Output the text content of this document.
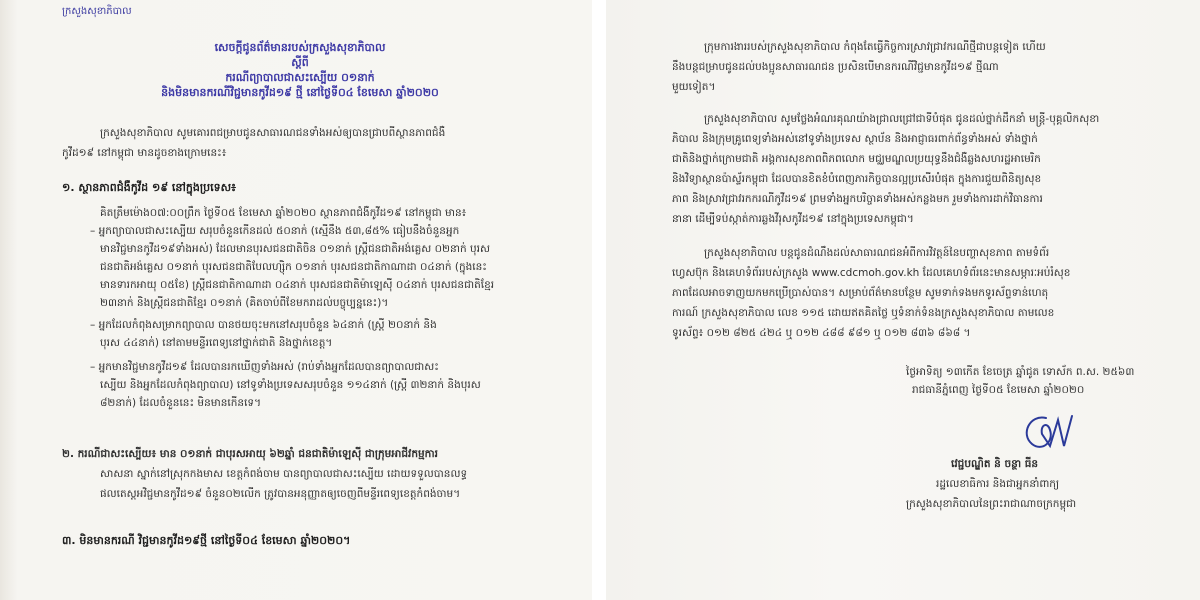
ក្រសួងសុខាភិបាល
សេចក្តីជូនព័ត៌មានរបស់ក្រសួងសុខាភិបាល
ស្តីពី
ករណីព្យាបាលជាសះស្បើយ ០១នាក់
និងមិនមានករណីវិជ្ជមានកូវីដ១៩ ថ្មី នៅថ្ងៃទី០៤ ខែមេសា ឆ្នាំ២០២០
ក្រសួងសុខាភិបាល សូមគោរពជម្រាបជូនសាធារណជនទាំងអស់ឲ្យបានជ្រាបពីស្ថានភាពជំងឺ
កូវីដ១៩ នៅកម្ពុជា មានដូចខាងក្រោមនេះ៖
១. ស្ថានភាពជំងឺកូវីដ ១៩ នៅក្នុងប្រទេស៖
គិតត្រឹមម៉ោង០៧:០០ព្រឹក ថ្ងៃទី០៥ ខែមេសា ឆ្នាំ២០២០ ស្ថានភាពជំងឺកូវីដ១៩ នៅកម្ពុជា មាន៖
– អ្នកព្យាបាលជាសះស្បើយ សរុបចំនួនកើនដល់ ៥០នាក់ (ស្មើនឹង ៥៣,៨៥% ធៀបនឹងចំនួនអ្នក
មានវិជ្ជមានកូវីដ១៩ទាំងអស់) ដែលមានបុរសជនជាតិចិន ០១នាក់ ស្ត្រីជនជាតិអង់គ្លេស ០២នាក់ បុរស
ជនជាតិអង់គ្លេស ០១នាក់ បុរសជនជាតិបែលហ្ស៊ិក ០១នាក់ បុរសជនជាតិកាណាដា ០៤នាក់ (ក្នុងនេះ
មានទារកអាយុ ០៥ខែ) ស្ត្រីជនជាតិកាណាដា ០៤នាក់ បុរសជនជាតិម៉ាឡេស៊ី ០៤នាក់ បុរសជនជាតិខ្មែរ
២៣នាក់ និងស្ត្រីជនជាតិខ្មែរ ០១នាក់ (គិតចាប់ពីខែមករាដល់បច្ចុប្បន្ននេះ)។
– អ្នកដែលកំពុងសម្រាកព្យាបាល បានថយចុះមកនៅសរុបចំនួន ៦៤នាក់ (ស្ត្រី ២០នាក់ និង
បុរស ៤៤នាក់) នៅតាមមន្ទីរពេទ្យនៅថ្នាក់ជាតិ និងថ្នាក់ខេត្ត។
– អ្នកមានវិជ្ជមានកូវីដ១៩ ដែលបានរកឃើញទាំងអស់ (រាប់ទាំងអ្នកដែលបានព្យាបាលជាសះ
ស្បើយ និងអ្នកដែលកំពុងព្យាបាល) នៅទូទាំងប្រទេសសរុបចំនួន ១១៤នាក់ (ស្ត្រី ៣២នាក់ និងបុរស
៨២នាក់) ដែលចំនួននេះ មិនមានកើនទេ។
២. ករណីជាសះស្បើយ៖ មាន ០១នាក់ ជាបុរសអាយុ ៦២ឆ្នាំ ជនជាតិម៉ាឡេស៊ី ជាក្រុមអាជីវកម្មការ
សាសនា ស្នាក់នៅស្រុកកងមាស ខេត្តកំពង់ចាម បានព្យាបាលជាសះស្បើយ ដោយទទួលបានលទ្ធ
ផលតេស្តអវិជ្ជមានកូវីដ១៩ ចំនួន០២លើក ត្រូវបានអនុញ្ញាតឲ្យចេញពីមន្ទីរពេទ្យខេត្តកំពង់ចាម។
៣. មិនមានករណី វិជ្ជមានកូវីដ១៩ថ្មី នៅថ្ងៃទី០៤ ខែមេសា ឆ្នាំ២០២០។
ក្រុមការងាររបស់ក្រសួងសុខាភិបាល កំពុងតែធ្វើកិច្ចការស្រាវជ្រាវករណីថ្មីជាបន្តទៀត ហើយ
នឹងបន្តជម្រាបជូនដល់បងប្អូនសាធារណជន ប្រសិនបើមានករណីវិជ្ជមានកូវីដ១៩ ថ្មីណា
មួយទៀត។
ក្រសួងសុខាភិបាល សូមថ្លែងអំណរគុណយ៉ាងជ្រាលជ្រៅជាទីបំផុត ជូនដល់ថ្នាក់ដឹកនាំ មន្ត្រី-បុគ្គលិកសុខា
ភិបាល និងក្រុមគ្រូពេទ្យទាំងអស់នៅទូទាំងប្រទេស ស្ថាប័ន និងអាជ្ញាធរពាក់ព័ន្ធទាំងអស់ ទាំងថ្នាក់
ជាតិនិងថ្នាក់ក្រោមជាតិ អង្គការសុខភាពពិភពលោក មជ្ឈមណ្ឌលប្រយុទ្ធនឹងជំងឺឆ្លងសហរដ្ឋអាមេរិក
និងវិទ្យាស្ថានប៉ាស្ទ័រកម្ពុជា ដែលបានខិតខំបំពេញភារកិច្ចបានល្អប្រសើរបំផុត ក្នុងការជួយពិនិត្យសុខ
ភាព និងស្រាវជ្រាវរកករណីកូវីដ១៩ ព្រមទាំងអ្នកបរិច្ចាគទាំងអស់កន្លងមក រួមទាំងការដាក់វិធានការ
នានា ដើម្បីទប់ស្កាត់ការឆ្លងវីរុសកូវីដ១៩ នៅក្នុងប្រទេសកម្ពុជា។
ក្រសួងសុខាភិបាល បន្តជូនដំណឹងដល់សាធារណជនអំពីការវិវត្តន៍នៃបញ្ហាសុខភាព តាមទំព័រ
ហ្វេសប៊ុក និងគេហទំព័ររបស់ក្រសួង www.cdcmoh.gov.kh ដែលគេហទំព័រនេះមានសម្ភារៈអប់រំសុខ
ភាពដែលអាចទាញយកមកប្រើប្រាស់បាន។ សម្រាប់ព័ត៌មានបន្ថែម សូមទាក់ទងមកទូរស័ព្ទទាន់ហេតុ
ការណ៍ ក្រសួងសុខាភិបាល លេខ ១១៥ ដោយឥតគិតថ្លៃ ឬទំនាក់ទំនងក្រសួងសុខាភិបាល តាមលេខ
ទូរស័ព្ទ៖ ០១២ ៨២៥ ៤២៤ ឬ ០១២ ៤៨៨ ៩៨១ ឬ ០១២ ៨៣៦ ៨៦៨ ។
ថ្ងៃអាទិត្យ ១៣កើត ខែចេត្រ ឆ្នាំជូត ទោស័ក ព.ស. ២៥៦៣
រាជធានីភ្នំពេញ ថ្ងៃទី០៥ ខែមេសា ឆ្នាំ២០២០
វេជ្ជបណ្ឌិត និ ចន្ថា ធីន
រដ្ឋលេខាធិការ និងជាអ្នកនាំពាក្យ
ក្រសួងសុខាភិបាលនៃព្រះរាជាណាចក្រកម្ពុជា
